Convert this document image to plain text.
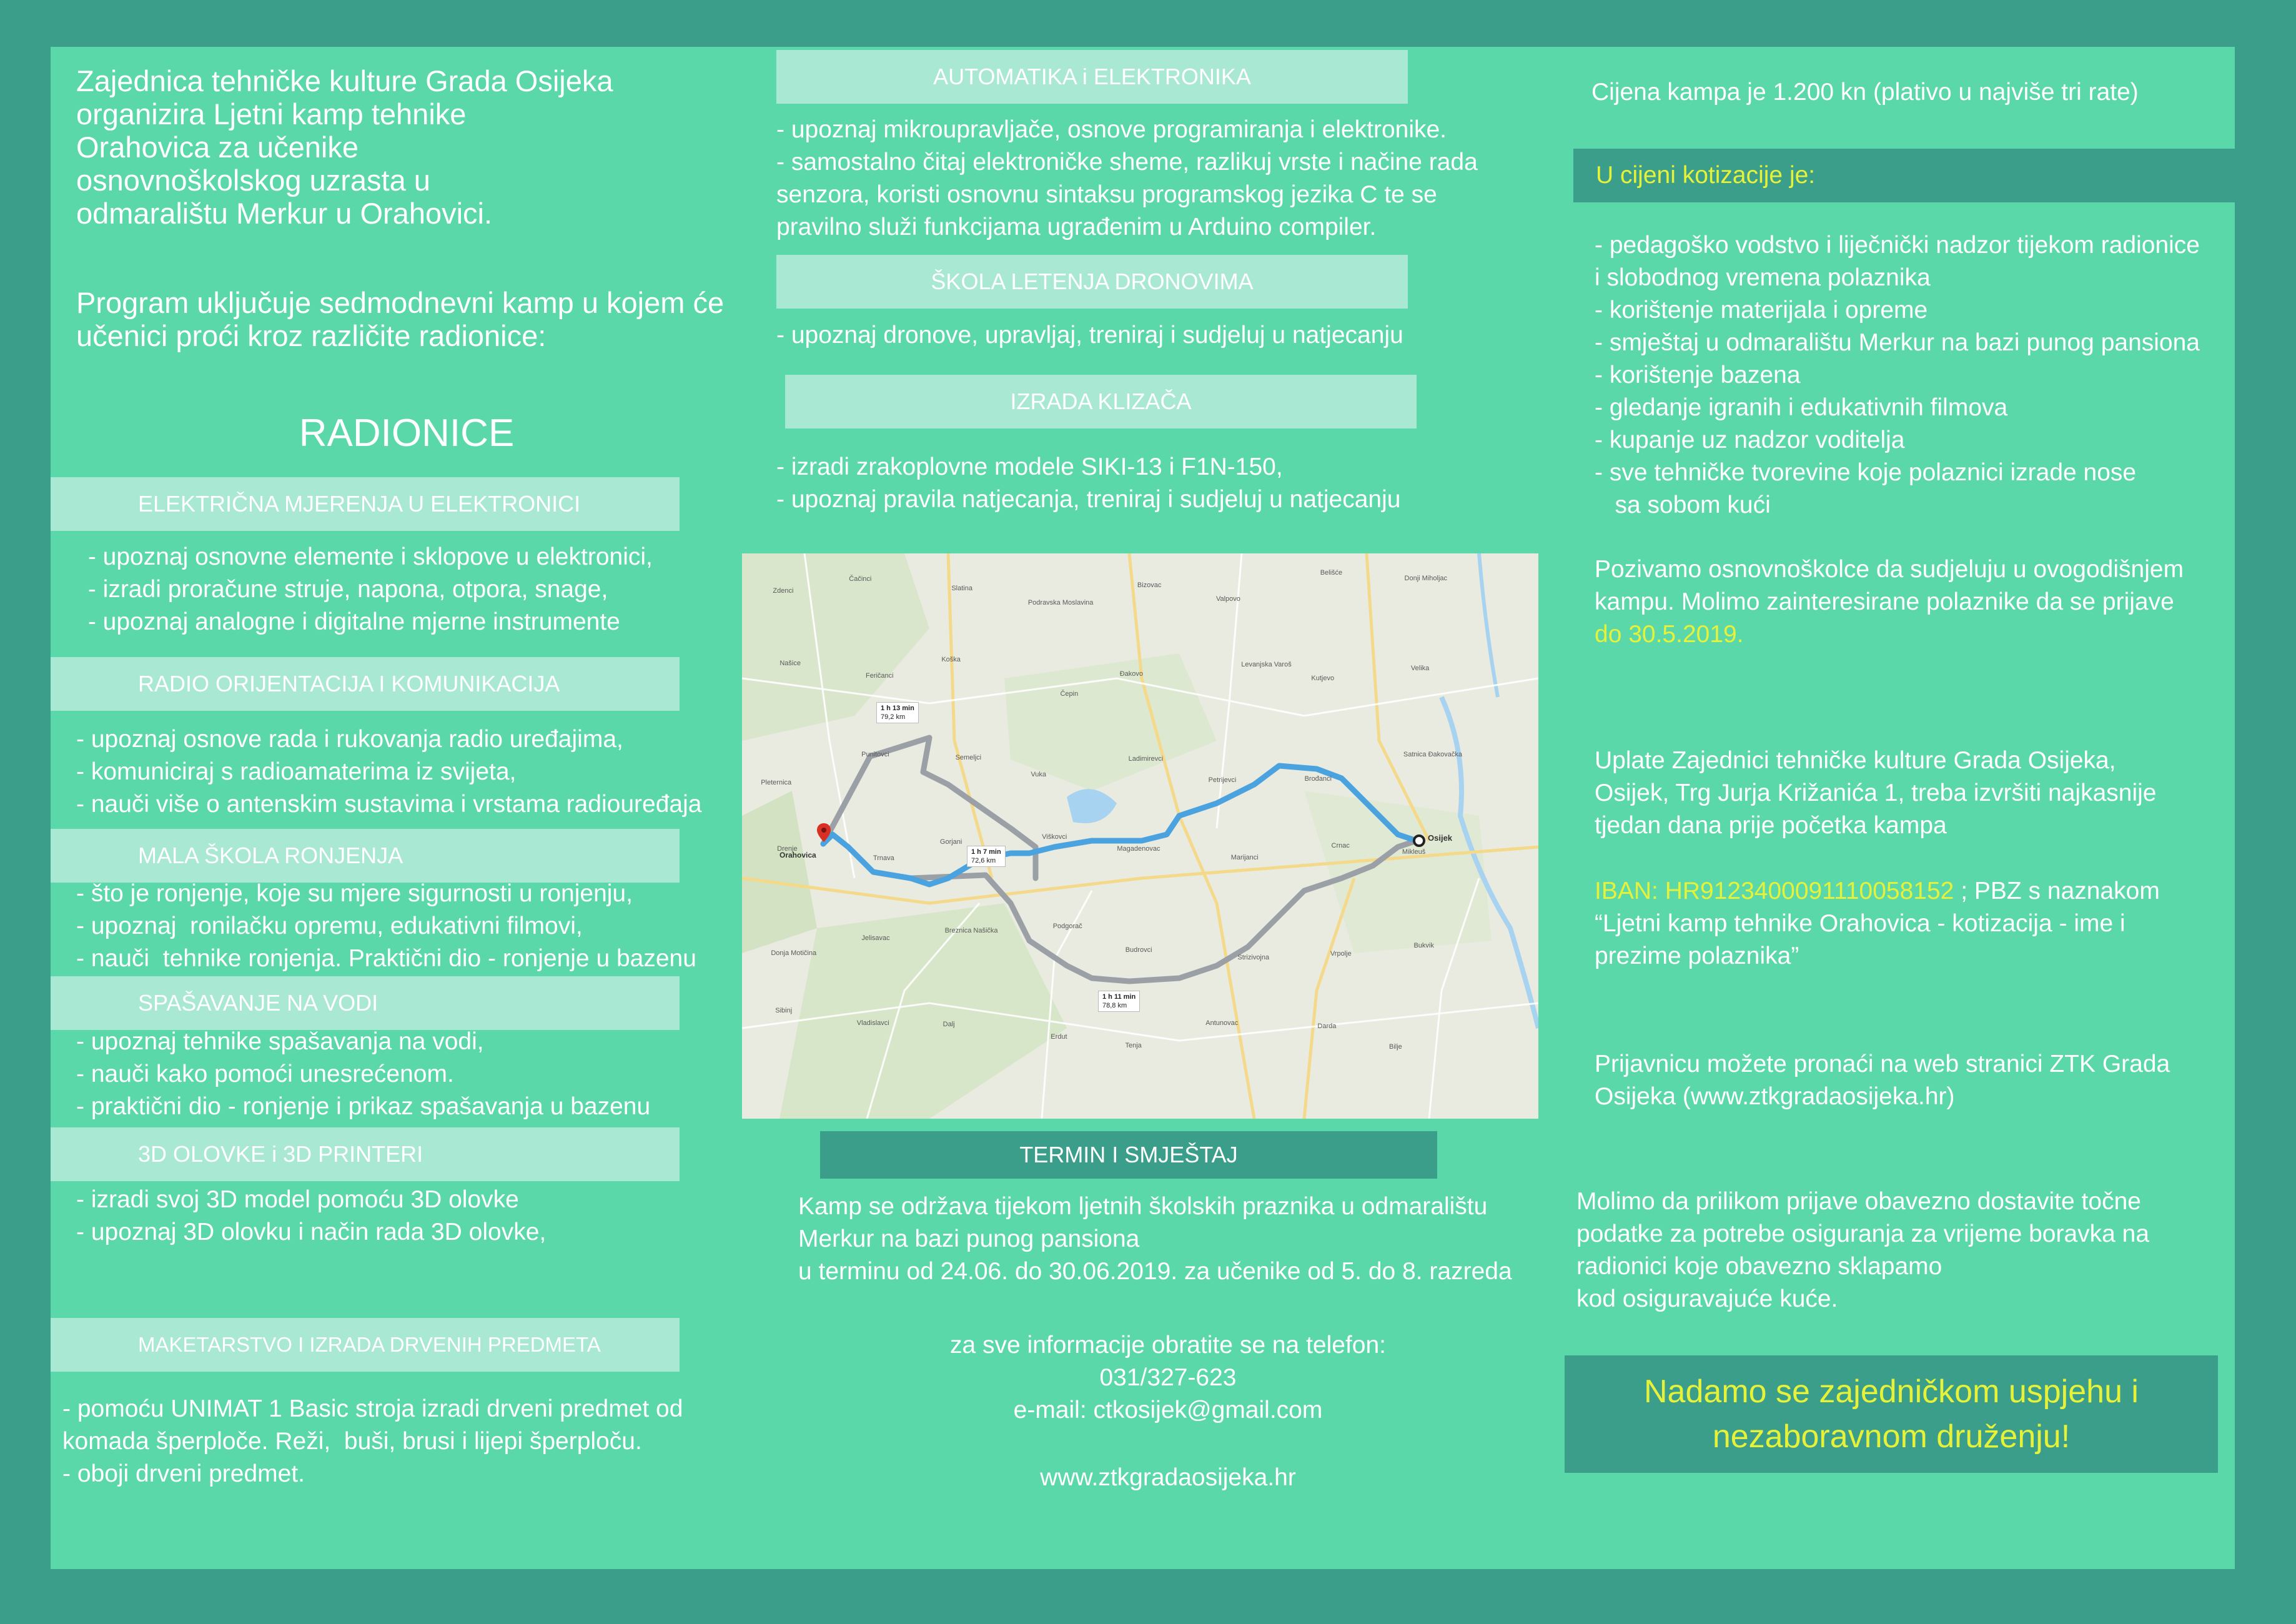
Zajednica tehničke kulture Grada Osijeka
organizira Ljetni kamp tehnike
Orahovica za učenike
osnovnoškolskog uzrasta u
odmaralištu Merkur u Orahovici.
Program uključuje sedmodnevni kamp u kojem će
učenici proći kroz različite radionice:
RADIONICE
ELEKTRIČNA MJERENJA U ELEKTRONICI
- upoznaj osnovne elemente i sklopove u elektronici,
- izradi proračune struje, napona, otpora, snage,
- upoznaj analogne i digitalne mjerne instrumente
RADIO ORIJENTACIJA I KOMUNIKACIJA
- upoznaj osnove rada i rukovanja radio uređajima,
- komuniciraj s radioamaterima iz svijeta,
- nauči više o antenskim sustavima i vrstama radiouređaja
MALA ŠKOLA RONJENJA
- što je ronjenje, koje su mjere sigurnosti u ronjenju,
- upoznaj  ronilačku opremu, edukativni filmovi,
- nauči  tehnike ronjenja. Praktični dio - ronjenje u bazenu
SPAŠAVANJE NA VODI
- upoznaj tehnike spašavanja na vodi,
- nauči kako pomoći unesrećenom.
- praktični dio - ronjenje i prikaz spašavanja u bazenu
3D OLOVKE i 3D PRINTERI
- izradi svoj 3D model pomoću 3D olovke
- upoznaj 3D olovku i način rada 3D olovke,
MAKETARSTVO I IZRADA DRVENIH PREDMETA
- pomoću UNIMAT 1 Basic stroja izradi drveni predmet od
komada šperploče. Reži,  buši, brusi i lijepi šperploču.
- oboji drveni predmet.
AUTOMATIKA i ELEKTRONIKA
- upoznaj mikroupravljače, osnove programiranja i elektronike.
- samostalno čitaj elektroničke sheme, razlikuj vrste i načine rada
senzora, koristi osnovnu sintaksu programskog jezika C te se
pravilno služi funkcijama ugrađenim u Arduino compiler.
ŠKOLA LETENJA DRONOVIMA
- upoznaj dronove, upravljaj, treniraj i sudjeluj u natjecanju
IZRADA KLIZAČA
- izradi zrakoplovne modele SIKI-13 i F1N-150,
- upoznaj pravila natjecanja, treniraj i sudjeluj u natjecanju
Orahovica
Osijek
1 h 13 min
79,2 km
1 h 7 min
72,6 km
1 h 11 min
78,8 km
Zdenci
Čačinci
Slatina
Podravska Moslavina
Bizovac
Valpovo
Belišće
Donji Miholjac
Našice
Feričanci
Koška
Čepin
Đakovo
Levanjska Varoš
Kutjevo
Velika
Pleternica
Punitovci	Semeljci
Vuka
Ladimirevci
Petrijevci	Brođanci
Satnica Đakovačka
Drenje
Trnava
Gorjani
Viškovci
Magadenovac
Marijanci
Crnac
Mikleuš
Donja Motičina
Jelisavac
Breznica Našička
Podgorač
Budrovci
Strizivojna
Vrpolje
Bukvik
Sibinj
Vladislavci	Dalj
Erdut
Tenja
Antunovac	Darda
Bilje
TERMIN I SMJEŠTAJ
Kamp se održava tijekom ljetnih školskih praznika u odmaralištu
Merkur na bazi punog pansiona
u terminu od 24.06. do 30.06.2019. za učenike od 5. do 8. razreda
za sve informacije obratite se na telefon:
031/327-623
e-mail: ctkosijek@gmail.com
www.ztkgradaosijeka.hr
Cijena kampa je 1.200 kn (plativo u najviše tri rate)
U cijeni kotizacije je:
- pedagoško vodstvo i liječnički nadzor tijekom radionice
i slobodnog vremena polaznika
- korištenje materijala i opreme
- smještaj u odmaralištu Merkur na bazi punog pansiona
- korištenje bazena
- gledanje igranih i edukativnih filmova
- kupanje uz nadzor voditelja
- sve tehničke tvorevine koje polaznici izrade nose
sa sobom kući
Pozivamo osnovnoškolce da sudjeluju u ovogodišnjem
kampu. Molimo zainteresirane polaznike da se prijave
do 30.5.2019.
Uplate Zajednici tehničke kulture Grada Osijeka,
Osijek, Trg Jurja Križanića 1, treba izvršiti najkasnije
tjedan dana prije početka kampa
IBAN: HR9123400091110058152 ; PBZ s naznakom
“Ljetni kamp tehnike Orahovica - kotizacija - ime i
prezime polaznika”
Prijavnicu možete pronaći na web stranici ZTK Grada
Osijeka (www.ztkgradaosijeka.hr)
Molimo da prilikom prijave obavezno dostavite točne
podatke za potrebe osiguranja za vrijeme boravka na
radionici koje obavezno sklapamo
kod osiguravajuće kuće.
Nadamo se zajedničkom uspjehu i
nezaboravnom druženju!
